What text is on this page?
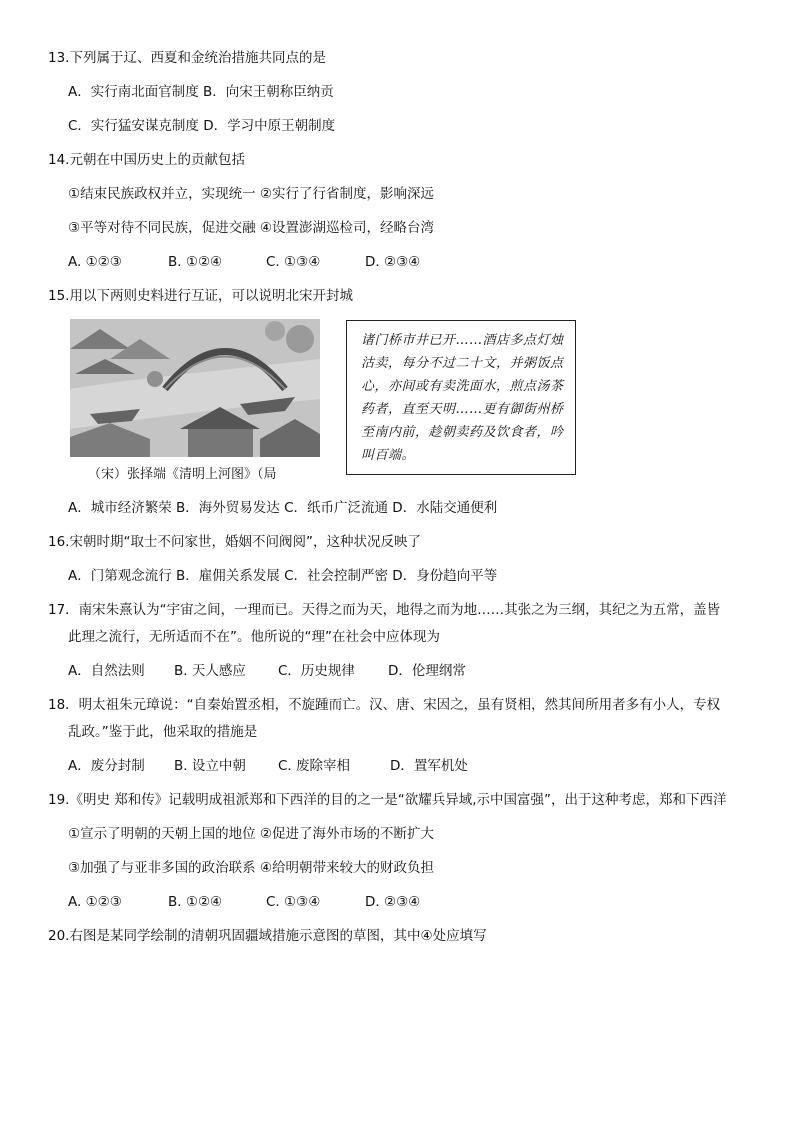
13.下列属于辽、西夏和金统治措施共同点的是
A．实行南北面官制度 B．向宋王朝称臣纳贡
C．实行猛安谋克制度 D．学习中原王朝制度
14.元朝在中国历史上的贡献包括
①结束民族政权并立，实现统一 ②实行了行省制度，影响深远
③平等对待不同民族，促进交融 ④设置澎湖巡检司，经略台湾
A. ①②③	B. ①②④	C. ①③④	D. ②③④
15.用以下两则史料进行互证，可以说明北宋开封城
（宋）张择端《清明上河图》（局
诸门桥市井已开……酒店多点灯烛沽卖，每分不过二十文，并粥饭点心，亦间或有卖洗面水，煎点汤茶药者，直至天明……更有御街州桥至南内前，趁朝卖药及饮食者，吟叫百端。
A．城市经济繁荣 B．海外贸易发达 C．纸币广泛流通 D．水陆交通便利
16.宋朝时期“取士不问家世，婚姻不问阀阅”，这种状况反映了
A．门第观念流行 B．雇佣关系发展 C．社会控制严密 D．身份趋向平等
17．南宋朱熹认为“宇宙之间，一理而已。天得之而为天，地得之而为地……其张之为三纲，其纪之为五常，盖皆
此理之流行，无所适而不在”。他所说的“理”在社会中应体现为
A．自然法则 B. 天人感应 C．历史规律 D．伦理纲常
18．明太祖朱元璋说：“自秦始置丞相，不旋踵而亡。汉、唐、宋因之，虽有贤相，然其间所用者多有小人，专权
乱政。”鉴于此，他采取的措施是
A．废分封制 B. 设立中朝 C. 废除宰相	D．置军机处
19.《明史 郑和传》记载明成祖派郑和下西洋的目的之一是“欲耀兵异域,示中国富强”，出于这种考虑，郑和下西洋
①宣示了明朝的天朝上国的地位 ②促进了海外市场的不断扩大
③加强了与亚非多国的政治联系 ④给明朝带来较大的财政负担
A. ①②③	B. ①②④	C. ①③④	D. ②③④
20.右图是某同学绘制的清朝巩固疆域措施示意图的草图，其中④处应填写
